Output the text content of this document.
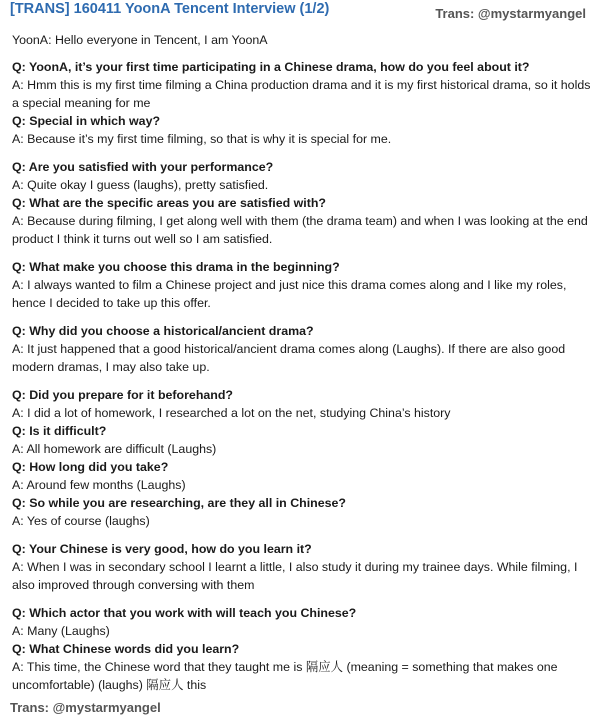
[TRANS] 160411 YoonA Tencent Interview (1/2)	Trans: @mystarmyangel

YoonA: Hello everyone in Tencent, I am YoonA

Q: YoonA, it’s your first time participating in a Chinese drama, how do you feel about it?

A: Hmm this is my first time filming a China production drama and it is my first historical drama, so it holds a special meaning for me

Q: Special in which way?

A: Because it’s my first time filming, so that is why it is special for me.

Q: Are you satisfied with your performance?

A: Quite okay I guess (laughs), pretty satisfied.

Q: What are the specific areas you are satisfied with?

A: Because during filming, I get along well with them (the drama team) and when I was looking at the end product I think it turns out well so I am satisfied.

Q: What make you choose this drama in the beginning?

A: I always wanted to film a Chinese project and just nice this drama comes along and I like my roles, hence I decided to take up this offer.

Q: Why did you choose a historical/ancient drama?

A: It just happened that a good historical/ancient drama comes along (Laughs). If there are also good modern dramas, I may also take up.

Q: Did you prepare for it beforehand?

A: I did a lot of homework, I researched a lot on the net, studying China’s history

Q: Is it difficult?

A: All homework are difficult (Laughs)

Q: How long did you take?

A: Around few months (Laughs)

Q: So while you are researching, are they all in Chinese?

A: Yes of course (laughs)

Q: Your Chinese is very good, how do you learn it?

A: When I was in secondary school I learnt a little, I also study it during my trainee days. While filming, I also improved through conversing with them

Q: Which actor that you work with will teach you Chinese?

A: Many (Laughs)

Q: What Chinese words did you learn?

A: This time, the Chinese word that they taught me is 隔应人 (meaning = something that makes one uncomfortable) (laughs) 隔应人 this

Trans: @mystarmyangel
